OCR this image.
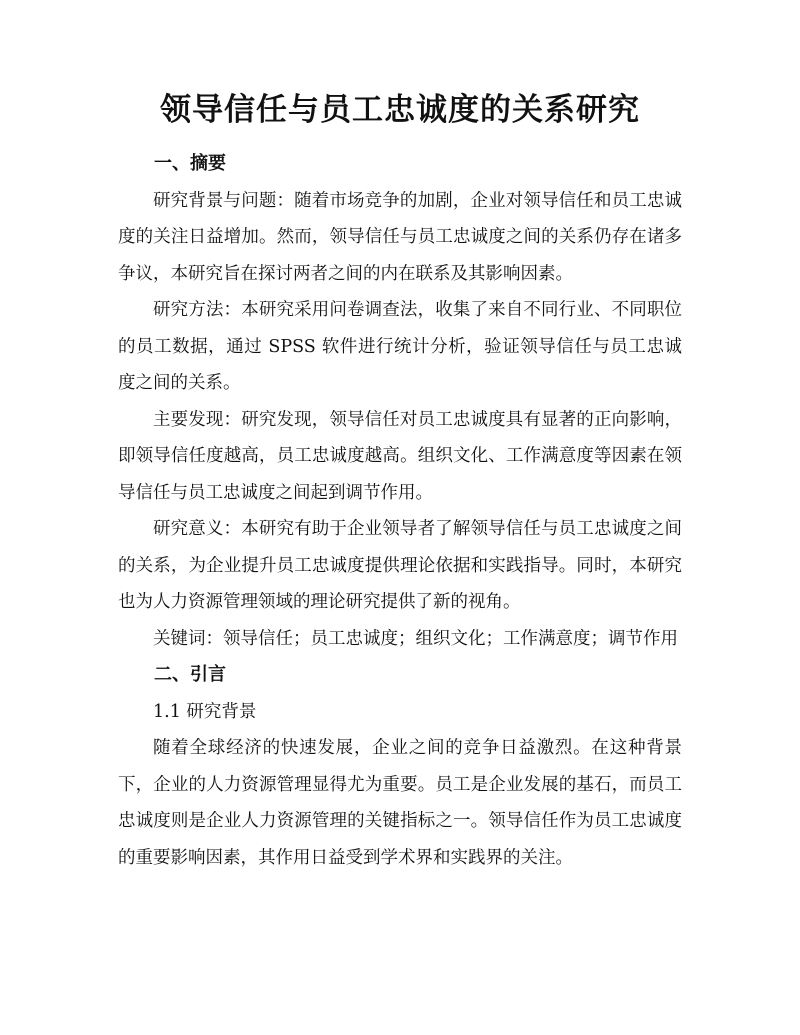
领导信任与员工忠诚度的关系研究
一、摘要

研究背景与问题：随着市场竞争的加剧，企业对领导信任和员工忠诚度的关注日益增加。然而，领导信任与员工忠诚度之间的关系仍存在诸多争议，本研究旨在探讨两者之间的内在联系及其影响因素。

研究方法：本研究采用问卷调查法，收集了来自不同行业、不同职位的员工数据，通过 SPSS 软件进行统计分析，验证领导信任与员工忠诚度之间的关系。

主要发现：研究发现，领导信任对员工忠诚度具有显著的正向影响，即领导信任度越高，员工忠诚度越高。组织文化、工作满意度等因素在领导信任与员工忠诚度之间起到调节作用。

研究意义：本研究有助于企业领导者了解领导信任与员工忠诚度之间的关系，为企业提升员工忠诚度提供理论依据和实践指导。同时，本研究也为人力资源管理领域的理论研究提供了新的视角。

关键词：领导信任；员工忠诚度；组织文化；工作满意度；调节作用

二、引言
1.1 研究背景

随着全球经济的快速发展，企业之间的竞争日益激烈。在这种背景下，企业的人力资源管理显得尤为重要。员工是企业发展的基石，而员工忠诚度则是企业人力资源管理的关键指标之一。领导信任作为员工忠诚度的重要影响因素，其作用日益受到学术界和实践界的关注。
